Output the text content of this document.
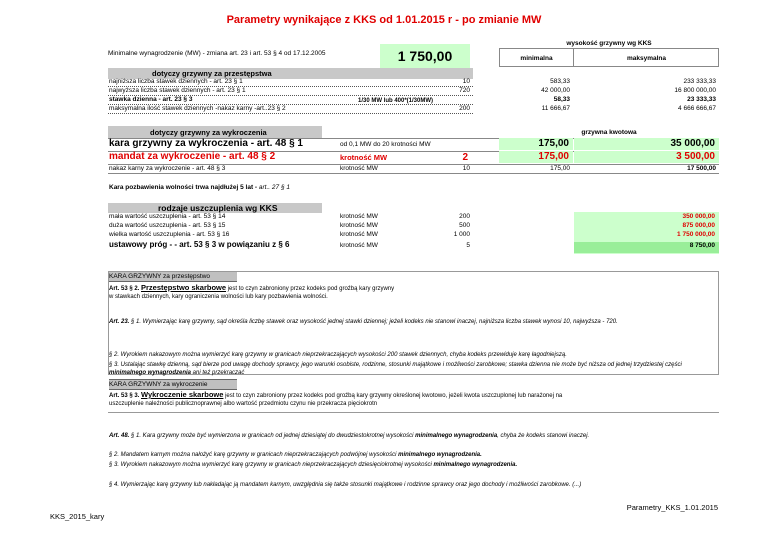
Parametry wynikające z KKS od 1.01.2015 r - po zmianie MW
Minimalne wynagrodzenie (MW) - zmiana art. 23 i art. 53 § 4 od 17.12.2005	1 750,00
wysokość grzywny wg KKS
minimalna	maksymalna
dotyczy grzywny za przestępstwa
najniższa liczba stawek dziennych - art. 23 § 1	10	583,33	233 333,33
najwyższa liczba stawek dziennych - art. 23 § 1	720	42 000,00	16 800 000,00
stawka dzienna - art. 23 § 3	1/30 MW lub 400*(1/30MW)	58,33	23 333,33
maksymalna ilość stawek dziennych -nakaz karny -art..23 § 2	200	11 666,67	4 666 666,67
dotyczy grzywny za wykroczenia	grzywna kwotowa
kara grzywny za wykroczenia - art. 48 § 1	od 0,1 MW do 20 krotności MW	175,00	35 000,00
mandat za wykroczenie - art. 48 § 2	krotność MW	2	175,00	3 500,00
nakaz karny za wykroczenie - art. 48 § 3	krotność MW	10	175,00	17 500,00
Kara pozbawienia wolności trwa najdłużej 5 lat - art.. 27 § 1
rodzaje uszczuplenia wg KKS
mała wartość uszczuplenia - art. 53 § 14	krotność MW	200	350 000,00
duża wartość uszczuplenia - art. 53 § 15	krotność MW	500	875 000,00
wielka wartość uszczuplenia - art. 53 § 16	krotność MW	1 000	1 750 000,00
ustawowy próg - - art. 53 § 3 w powiązaniu z § 6	krotność MW	5	8 750,00
KARA GRZYWNY za przestępstwo
Art. 53 § 2. Przestępstwo skarbowe jest to czyn zabroniony przez kodeks pod groźbą kary grzywny w stawkach dziennych, kary ograniczenia wolności lub kary pozbawienia wolności.
Art. 23. § 1. Wymierzając karę grzywny, sąd określa liczbę stawek oraz wysokość jednej stawki dziennej; jeżeli kodeks nie stanowi inaczej, najniższa liczba stawek wynosi 10, najwyższa - 720.
§ 2. Wyrokiem nakazowym można wymierzyć karę grzywny w granicach nieprzekraczających wysokości 200 stawek dziennych, chyba kodeks przewiduje karę łagodniejszą.
§ 3. Ustalając stawkę dzienną, sąd bierze pod uwagę dochody sprawcy, jego warunki osobiste, rodzinne, stosunki majątkowe i możliwości zarobkowe; stawka dzienna nie może być niższa od jednej trzydziestej części minimalnego wynagrodzenia ani też przekraczać
KARA GRZYWNY za wykroczenie
Art. 53 § 3. Wykroczenie skarbowe jest to czyn zabroniony przez kodeks pod groźbą kary grzywny określonej kwotowo, jeżeli kwota uszczuplonej lub narażonej na uszczuplenie należności publicznoprawnej albo wartość przedmiotu czynu nie przekracza pięciokrotn
Art. 48. § 1. Kara grzywny może być wymierzona w granicach od jednej dziesiątej do dwudziestokrotnej wysokości minimalnego wynagrodzenia, chyba że kodeks stanowi inaczej.
§ 2. Mandatem karnym można nałożyć karę grzywny w granicach nieprzekraczających podwójnej wysokości minimalnego wynagrodzenia.
§ 3. Wyrokiem nakazowym można wymierzyć karę grzywny w granicach nieprzekraczających dziesięciokrotnej wysokości minimalnego wynagrodzenia.
§ 4. Wymierzając karę grzywny lub nakładając ją mandatem karnym, uwzględnia się także stosunki majątkowe i rodzinne sprawcy oraz jego dochody i możliwości zarobkowe. (...)
KKS_2015_kary
Parametry_KKS_1.01.2015
